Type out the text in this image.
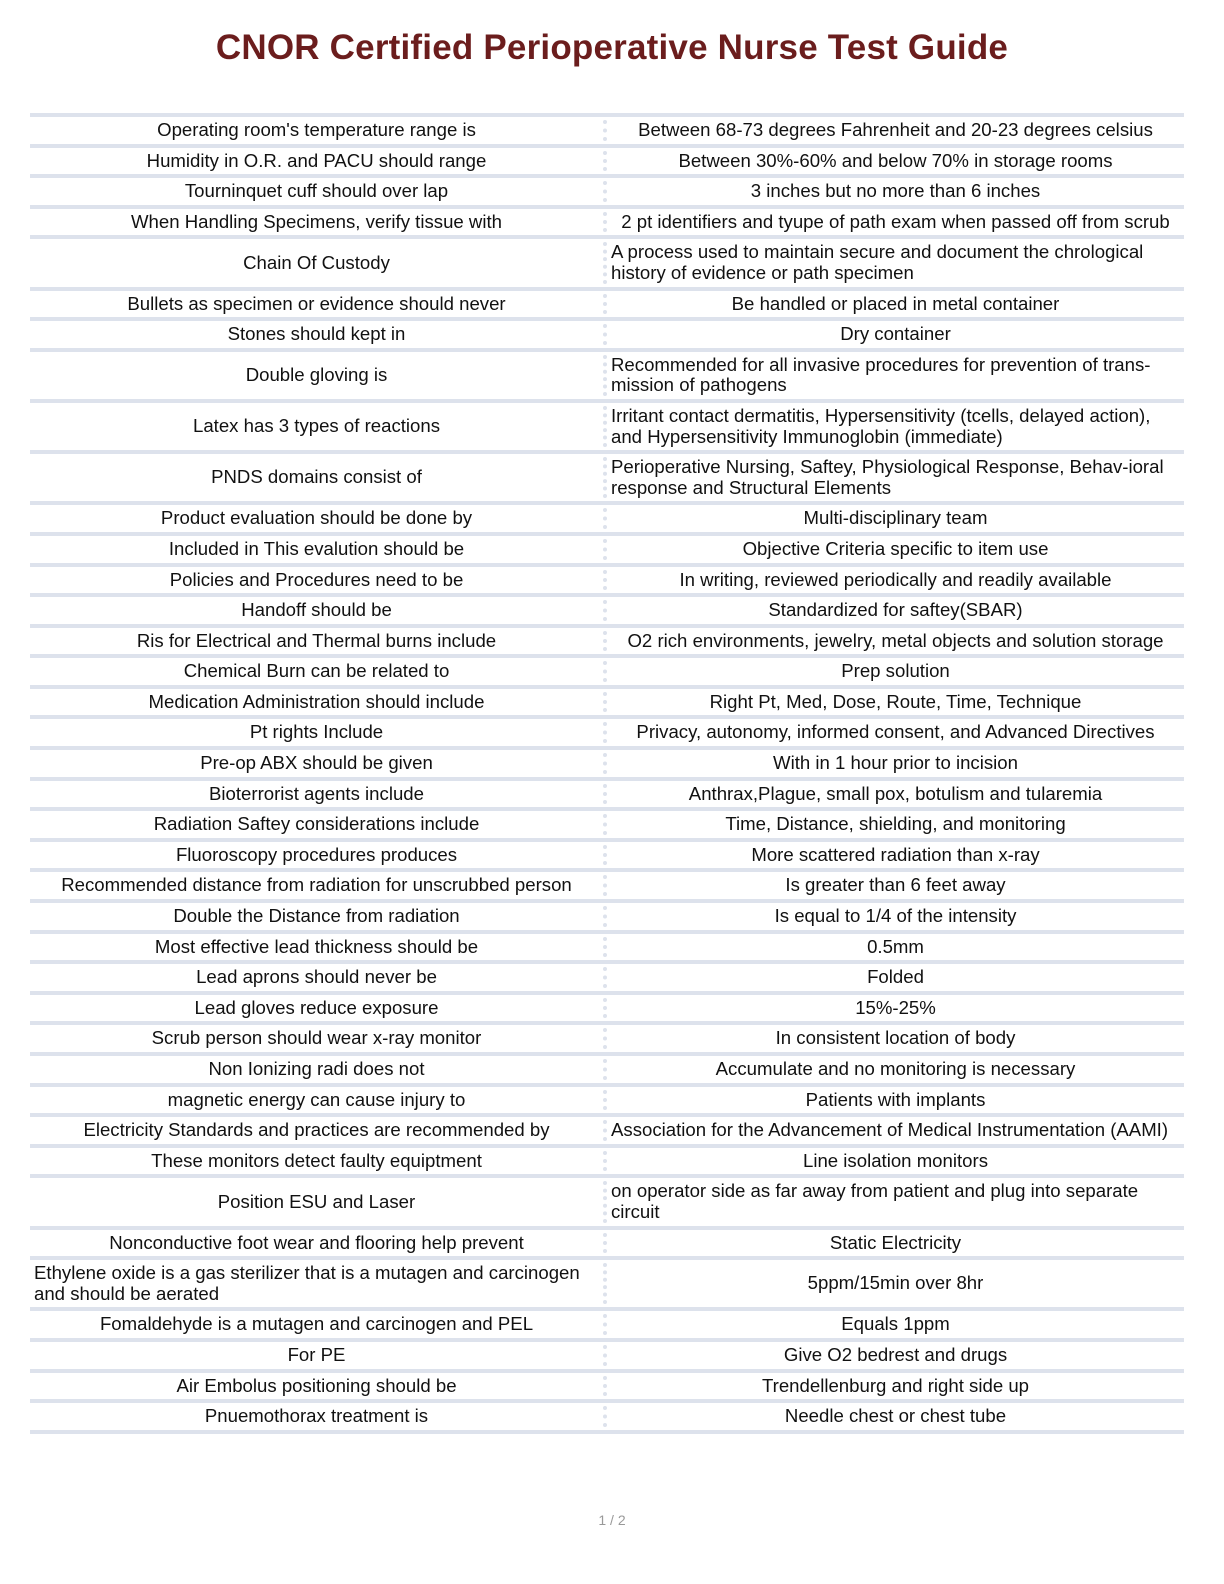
CNOR Certified Perioperative Nurse Test Guide
Operating room's temperature range is	Between 68-73 degrees Fahrenheit and 20-23 degrees celsius
Humidity in O.R. and PACU should range	Between 30%-60% and below 70% in storage rooms
Tourninquet cuff should over lap	3 inches but no more than 6 inches
When Handling Specimens, verify tissue with	2 pt identifiers and tyupe of path exam when passed off from scrub
Chain Of Custody	A process used to maintain secure and document the chrological history of evidence or path specimen
Bullets as specimen or evidence should never	Be handled or placed in metal container
Stones should kept in	Dry container
Double gloving is	Recommended for all invasive procedures for prevention of trans-mission of pathogens
Latex has 3 types of reactions	Irritant contact dermatitis, Hypersensitivity (tcells, delayed action), and Hypersensitivity Immunoglobin (immediate)
PNDS domains consist of	Perioperative Nursing, Saftey, Physiological Response, Behav-ioral response and Structural Elements
Product evaluation should be done by	Multi-disciplinary team
Included in This evalution should be	Objective Criteria specific to item use
Policies and Procedures need to be	In writing, reviewed periodically and readily available
Handoff should be	Standardized for saftey(SBAR)
Ris for Electrical and Thermal burns include	O2 rich environments, jewelry, metal objects and solution storage
Chemical Burn can be related to	Prep solution
Medication Administration should include	Right Pt, Med, Dose, Route, Time, Technique
Pt rights Include	Privacy, autonomy, informed consent, and Advanced Directives
Pre-op ABX should be given	With in 1 hour prior to incision
Bioterrorist agents include	Anthrax,Plague, small pox, botulism and tularemia
Radiation Saftey considerations include	Time, Distance, shielding, and monitoring
Fluoroscopy procedures produces	More scattered radiation than x-ray
Recommended distance from radiation for unscrubbed person	Is greater than 6 feet away
Double the Distance from radiation	Is equal to 1/4 of the intensity
Most effective lead thickness should be	0.5mm
Lead aprons should never be	Folded
Lead gloves reduce exposure	15%-25%
Scrub person should wear x-ray monitor	In consistent location of body
Non Ionizing radi does not	Accumulate and no monitoring is necessary
magnetic energy can cause injury to	Patients with implants
Electricity Standards and practices are recommended by	Association for the Advancement of Medical Instrumentation (AAMI)
These monitors detect faulty equiptment	Line isolation monitors
Position ESU and Laser	on operator side as far away from patient and plug into separate circuit
Nonconductive foot wear and flooring help prevent	Static Electricity
Ethylene oxide is a gas sterilizer that is a mutagen and carcinogen and should be aerated	5ppm/15min over 8hr
Fomaldehyde is a mutagen and carcinogen and PEL	Equals 1ppm
For PE	Give O2 bedrest and drugs
Air Embolus positioning should be	Trendellenburg and right side up
Pnuemothorax treatment is	Needle chest or chest tube
1 / 2
